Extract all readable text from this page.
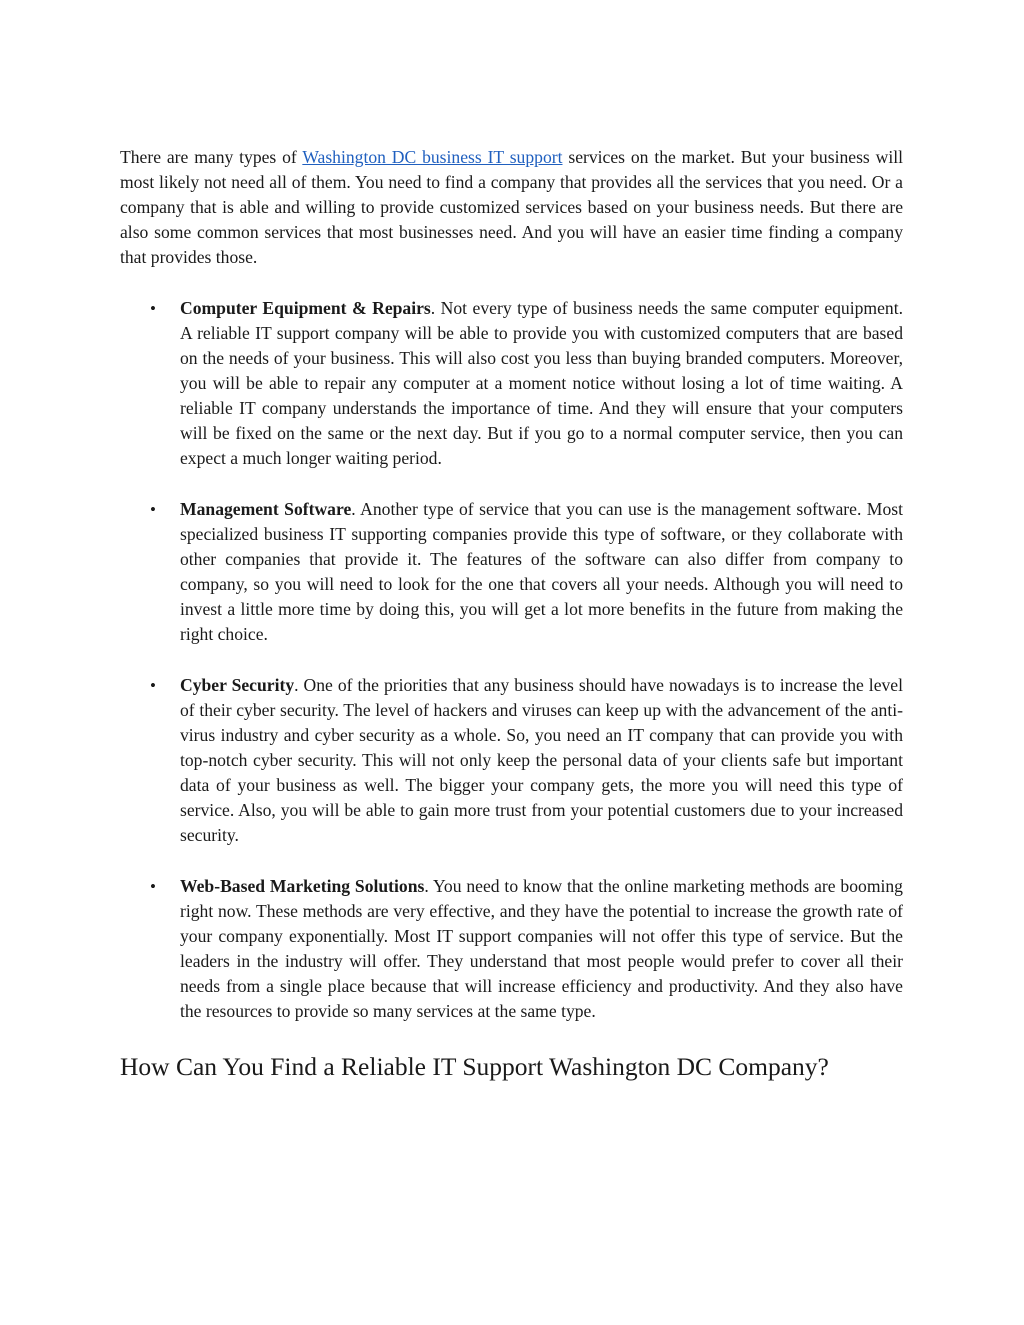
There are many types of Washington DC business IT support services on the market. But your business will most likely not need all of them. You need to find a company that provides all the services that you need. Or a company that is able and willing to provide customized services based on your business needs. But there are also some common services that most businesses need. And you will have an easier time finding a company that provides those.

• Computer Equipment & Repairs. Not every type of business needs the same computer equipment. A reliable IT support company will be able to provide you with customized computers that are based on the needs of your business. This will also cost you less than buying branded computers. Moreover, you will be able to repair any computer at a moment notice without losing a lot of time waiting. A reliable IT company understands the importance of time. And they will ensure that your computers will be fixed on the same or the next day. But if you go to a normal computer service, then you can expect a much longer waiting period.
• Management Software. Another type of service that you can use is the management software. Most specialized business IT supporting companies provide this type of software, or they collaborate with other companies that provide it. The features of the software can also differ from company to company, so you will need to look for the one that covers all your needs. Although you will need to invest a little more time by doing this, you will get a lot more benefits in the future from making the right choice.
• Cyber Security. One of the priorities that any business should have nowadays is to increase the level of their cyber security. The level of hackers and viruses can keep up with the advancement of the anti-virus industry and cyber security as a whole. So, you need an IT company that can provide you with top-notch cyber security. This will not only keep the personal data of your clients safe but important data of your business as well. The bigger your company gets, the more you will need this type of service. Also, you will be able to gain more trust from your potential customers due to your increased security.
• Web-Based Marketing Solutions. You need to know that the online marketing methods are booming right now. These methods are very effective, and they have the potential to increase the growth rate of your company exponentially. Most IT support companies will not offer this type of service. But the leaders in the industry will offer. They understand that most people would prefer to cover all their needs from a single place because that will increase efficiency and productivity. And they also have the resources to provide so many services at the same type.
How Can You Find a Reliable IT Support Washington DC Company?
